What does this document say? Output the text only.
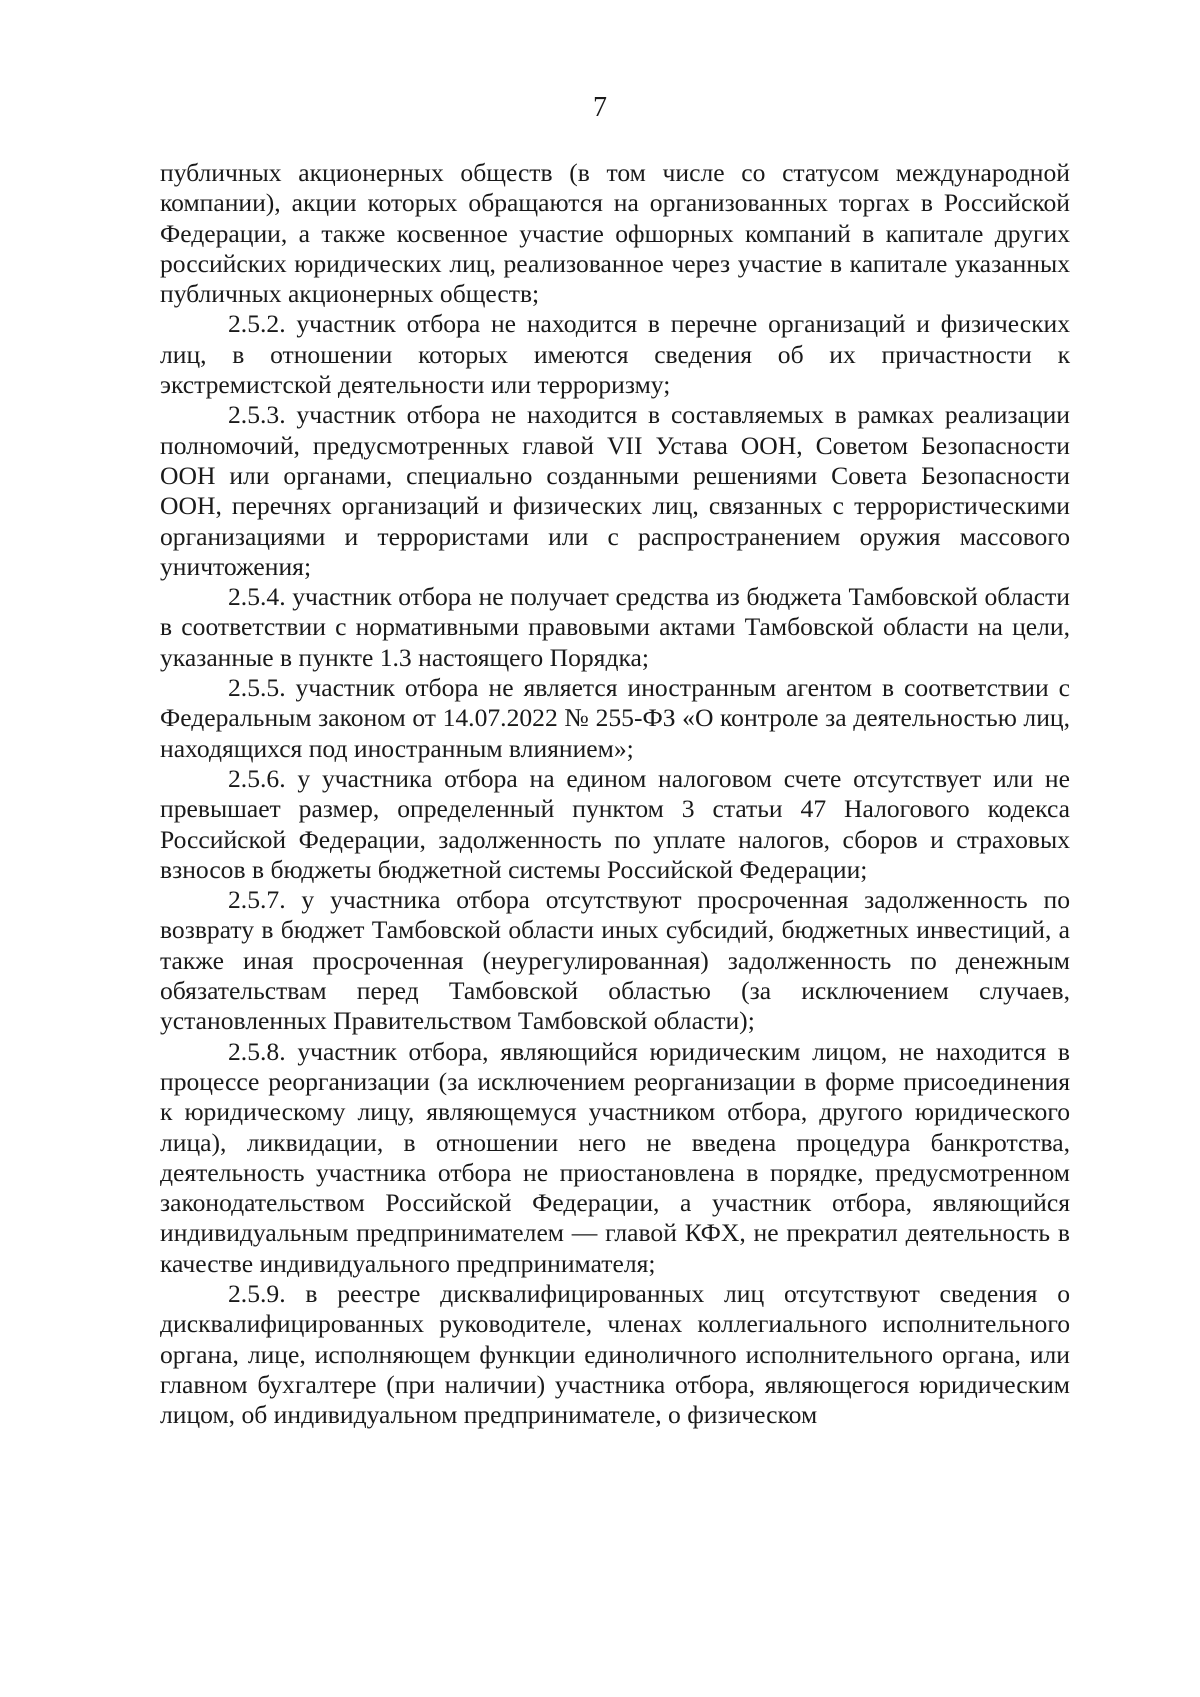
7

публичных акционерных обществ (в том числе со статусом международной компании), акции которых обращаются на организованных торгах в Российской Федерации, а также косвенное участие офшорных компаний в капитале других российских юридических лиц, реализованное через участие в капитале указанных публичных акционерных обществ;

2.5.2. участник отбора не находится в перечне организаций и физических лиц, в отношении которых имеются сведения об их причастности к экстремистской деятельности или терроризму;

2.5.3. участник отбора не находится в составляемых в рамках реализации полномочий, предусмотренных главой VII Устава ООН, Советом Безопасности ООН или органами, специально созданными решениями Совета Безопасности ООН, перечнях организаций и физических лиц, связанных с террористическими организациями и террористами или с распространением оружия массового уничтожения;

2.5.4. участник отбора не получает средства из бюджета Тамбовской области в соответствии с нормативными правовыми актами Тамбовской области на цели, указанные в пункте 1.3 настоящего Порядка;

2.5.5. участник отбора не является иностранным агентом в соответствии с Федеральным законом от 14.07.2022 № 255-ФЗ «О контроле за деятельностью лиц, находящихся под иностранным влиянием»;

2.5.6. у участника отбора на едином налоговом счете отсутствует или не превышает размер, определенный пунктом 3 статьи 47 Налогового кодекса Российской Федерации, задолженность по уплате налогов, сборов и страховых взносов в бюджеты бюджетной системы Российской Федерации;

2.5.7. у участника отбора отсутствуют просроченная задолженность по возврату в бюджет Тамбовской области иных субсидий, бюджетных инвестиций, а также иная просроченная (неурегулированная) задолженность по денежным обязательствам перед Тамбовской областью (за исключением случаев, установленных Правительством Тамбовской области);

2.5.8. участник отбора, являющийся юридическим лицом, не находится в процессе реорганизации (за исключением реорганизации в форме присоединения к юридическому лицу, являющемуся участником отбора, другого юридического лица), ликвидации, в отношении него не введена процедура банкротства, деятельность участника отбора не приостановлена в порядке, предусмотренном законодательством Российской Федерации, а участник отбора, являющийся индивидуальным предпринимателем — главой КФХ, не прекратил деятельность в качестве индивидуального предпринимателя;

2.5.9. в реестре дисквалифицированных лиц отсутствуют сведения о дисквалифицированных руководителе, членах коллегиального исполнительного органа, лице, исполняющем функции единоличного исполнительного органа, или главном бухгалтере (при наличии) участника отбора, являющегося юридическим лицом, об индивидуальном предпринимателе, о физическом
